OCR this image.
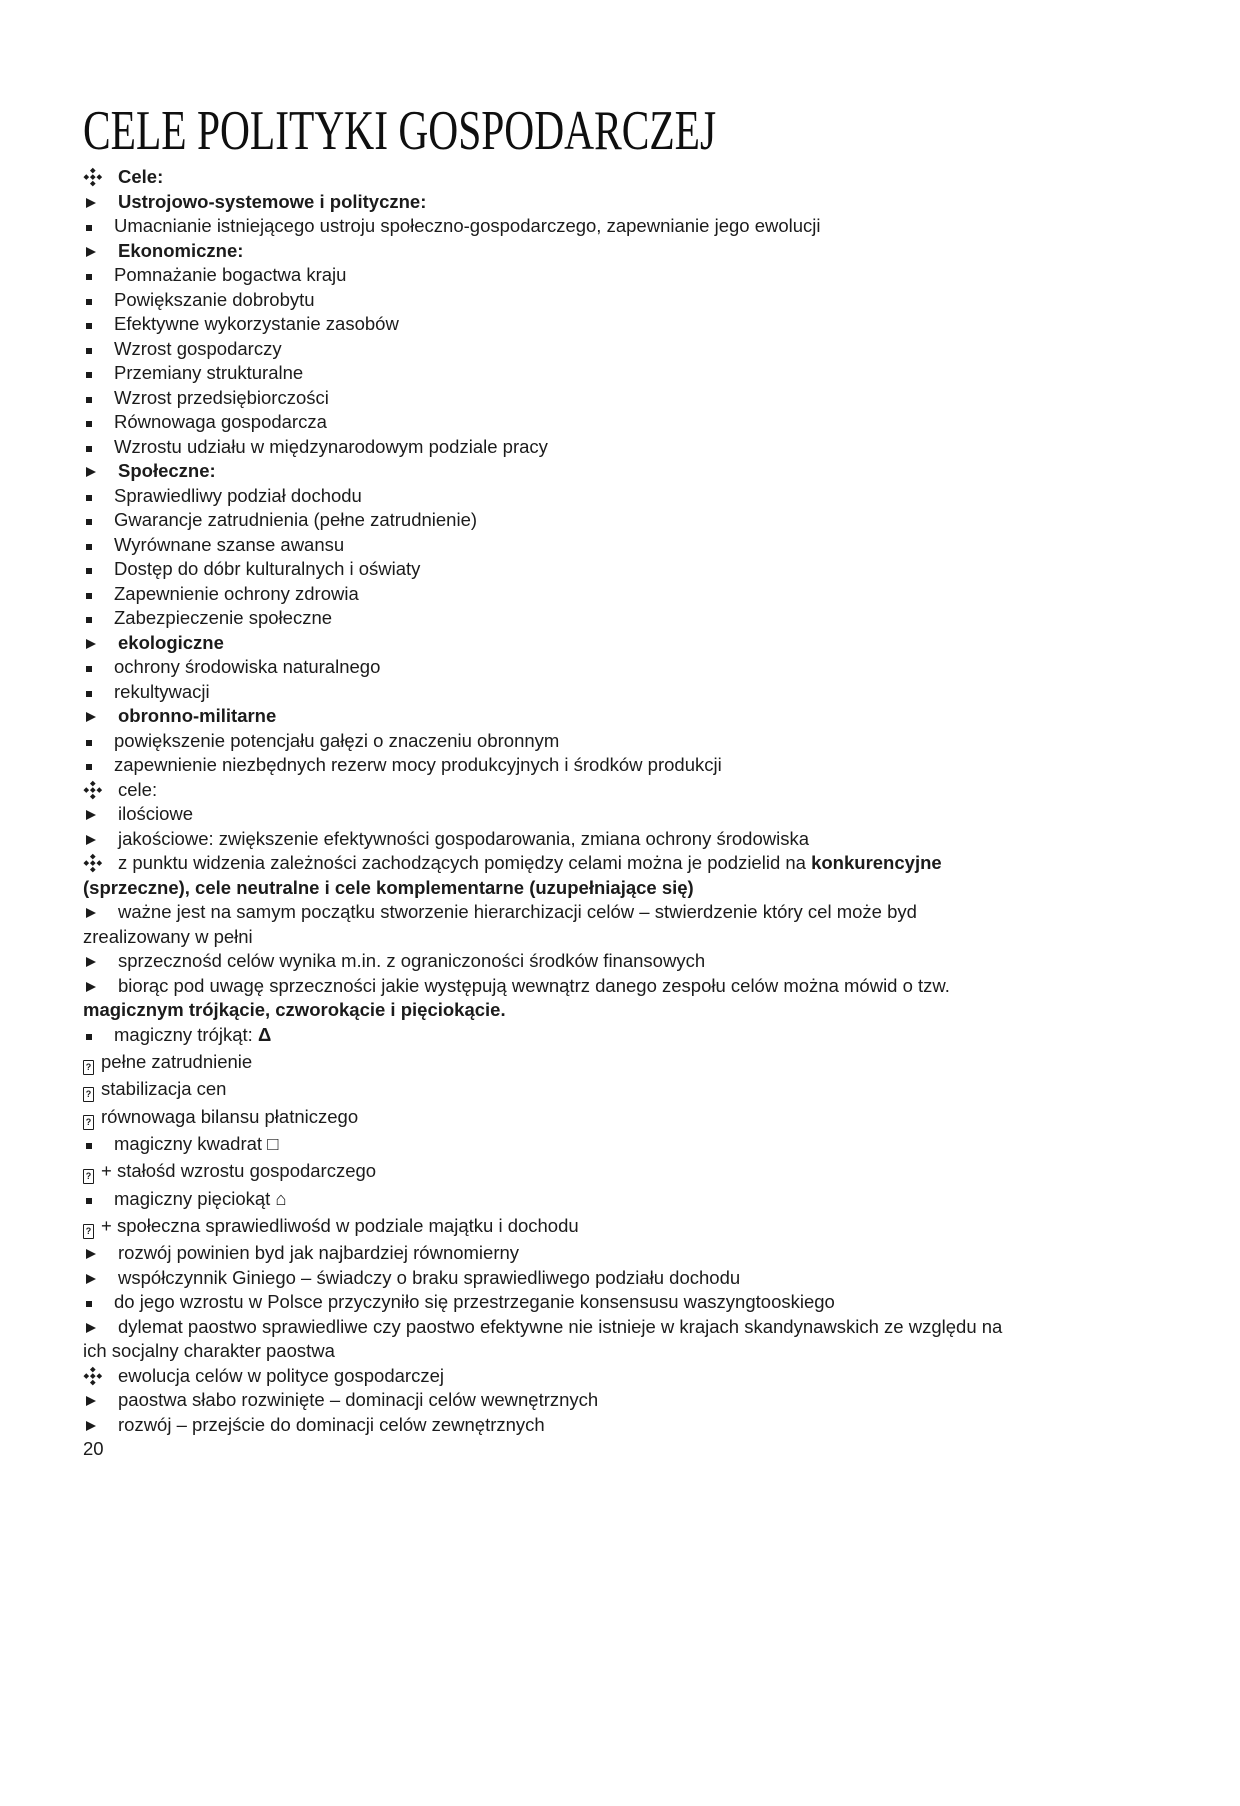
CELE POLITYKI GOSPODARCZEJ
Cele:
Ustrojowo-systemowe i polityczne:
Umacnianie istniejącego ustroju społeczno-gospodarczego, zapewnianie jego ewolucji
Ekonomiczne:
Pomnażanie bogactwa kraju
Powiększanie dobrobytu
Efektywne wykorzystanie zasobów
Wzrost gospodarczy
Przemiany strukturalne
Wzrost przedsiębiorczości
Równowaga gospodarcza
Wzrostu udziału w międzynarodowym podziale pracy
Społeczne:
Sprawiedliwy podział dochodu
Gwarancje zatrudnienia (pełne zatrudnienie)
Wyrównane szanse awansu
Dostęp do dóbr kulturalnych i oświaty
Zapewnienie ochrony zdrowia
Zabezpieczenie społeczne
ekologiczne
ochrony środowiska naturalnego
rekultywacji
obronno-militarne
powiększenie potencjału gałęzi o znaczeniu obronnym
zapewnienie niezbędnych rezerw mocy produkcyjnych i środków produkcji
cele:
ilościowe
jakościowe: zwiększenie efektywności gospodarowania, zmiana ochrony środowiska
z punktu widzenia zależności zachodzących pomiędzy celami można je podzielid na konkurencyjne
(sprzeczne), cele neutralne i cele komplementarne (uzupełniające się)
ważne jest na samym początku stworzenie hierarchizacji celów – stwierdzenie który cel może byd
zrealizowany w pełni
sprzecznośd celów wynika m.in. z ograniczoności środków finansowych
biorąc pod uwagę sprzeczności jakie występują wewnątrz danego zespołu celów można mówid o tzw.
magicznym trójkącie, czworokącie i pięciokącie.
magiczny trójkąt: Δ
? pełne zatrudnienie
? stabilizacja cen
? równowaga bilansu płatniczego
magiczny kwadrat □
? + stałośd wzrostu gospodarczego
magiczny pięciokąt ⌂
? + społeczna sprawiedliwośd w podziale majątku i dochodu
rozwój powinien byd jak najbardziej równomierny
współczynnik Giniego – świadczy o braku sprawiedliwego podziału dochodu
do jego wzrostu w Polsce przyczyniło się przestrzeganie konsensusu waszyngtooskiego
dylemat paostwo sprawiedliwe czy paostwo efektywne nie istnieje w krajach skandynawskich ze względu na
ich socjalny charakter paostwa
ewolucja celów w polityce gospodarczej
paostwa słabo rozwinięte – dominacji celów wewnętrznych
rozwój – przejście do dominacji celów zewnętrznych
20
